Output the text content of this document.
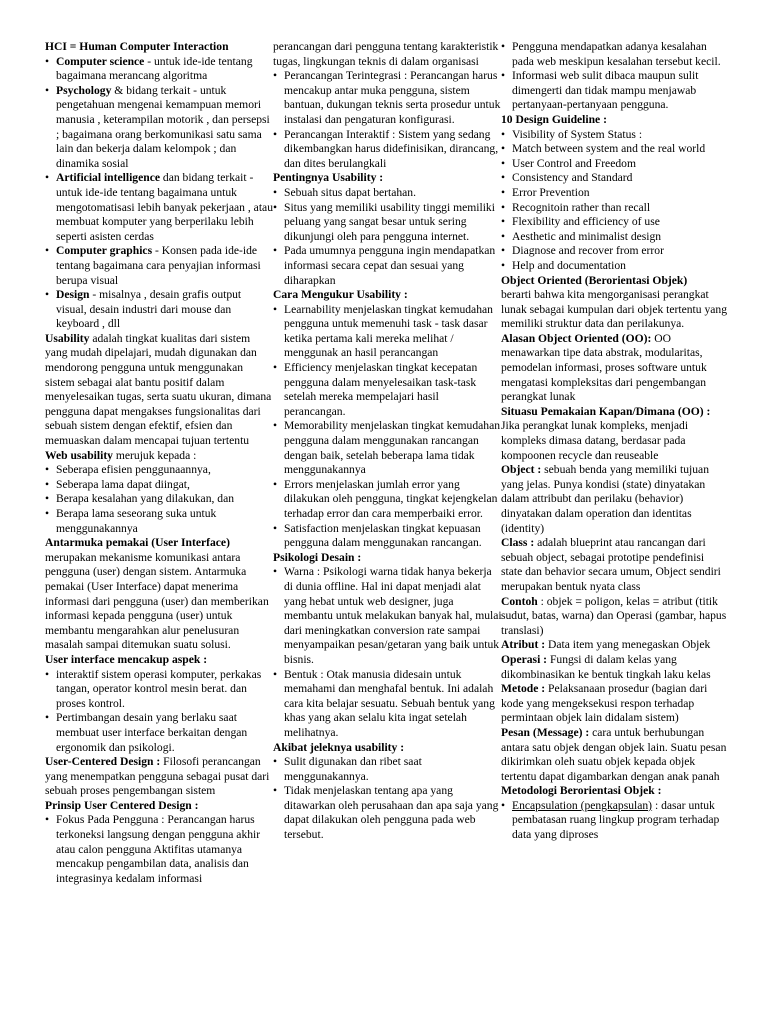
HCI = Human Computer Interaction
• Computer science - untuk ide-ide tentang bagaimana merancang algoritma
• Psychology & bidang terkait - untuk pengetahuan mengenai kemampuan memori manusia , keterampilan motorik , dan persepsi ; bagaimana orang berkomunikasi satu sama lain dan bekerja dalam kelompok ; dan dinamika sosial
• Artificial intelligence dan bidang terkait - untuk ide-ide tentang bagaimana untuk mengotomatisasi lebih banyak pekerjaan , atau membuat komputer yang berperilaku lebih seperti asisten cerdas
• Computer graphics - Konsen pada ide-ide tentang bagaimana cara penyajian informasi berupa visual
• Design - misalnya , desain grafis output visual, desain industri dari mouse dan keyboard , dll
Usability adalah tingkat kualitas dari sistem yang mudah dipelajari, mudah digunakan dan mendorong pengguna untuk menggunakan sistem sebagai alat bantu positif dalam menyelesaikan tugas, serta suatu ukuran, dimana pengguna dapat mengakses fungsionalitas dari sebuah sistem dengan efektif, efsien dan memuaskan dalam mencapai tujuan tertentu
Web usability merujuk kepada :
• Seberapa efisien penggunaannya,
• Seberapa lama dapat diingat,
• Berapa kesalahan yang dilakukan, dan
• Berapa lama seseorang suka untuk menggunakannya
Antarmuka pemakai (User Interface) merupakan mekanisme komunikasi antara pengguna (user) dengan sistem. Antarmuka pemakai (User Interface) dapat menerima informasi dari pengguna (user) dan memberikan informasi kepada pengguna (user) untuk membantu mengarahkan alur penelusuran masalah sampai ditemukan suatu solusi.
User interface mencakup aspek :
• interaktif sistem operasi komputer, perkakas tangan, operator kontrol mesin berat. dan proses kontrol.
• Pertimbangan desain yang berlaku saat membuat user interface berkaitan dengan ergonomik dan psikologi.
User-Centered Design : Filosofi perancangan yang menempatkan pengguna sebagai pusat dari sebuah proses pengembangan sistem
Prinsip User Centered Design :
• Fokus Pada Pengguna : Perancangan harus terkoneksi langsung dengan pengguna akhir atau calon pengguna Aktifitas utamanya mencakup pengambilan data, analisis dan integrasinya kedalam informasi
perancangan dari pengguna tentang karakteristik tugas, lingkungan teknis di dalam organisasi
• Perancangan Terintegrasi : Perancangan harus mencakup antar muka pengguna, sistem bantuan, dukungan teknis serta prosedur untuk instalasi dan pengaturan konfigurasi.
• Perancangan Interaktif : Sistem yang sedang dikembangkan harus didefinisikan, dirancang, dan dites berulangkali
Pentingnya Usability :
• Sebuah situs dapat bertahan.
• Situs yang memiliki usability tinggi memiliki peluang yang sangat besar untuk sering dikunjungi oleh para pengguna internet.
• Pada umumnya pengguna ingin mendapatkan informasi secara cepat dan sesuai yang diharapkan
Cara Mengukur Usability :
• Learnability menjelaskan tingkat kemudahan pengguna untuk memenuhi task - task dasar ketika pertama kali mereka melihat / menggunak an hasil perancangan
• Efficiency menjelaskan tingkat kecepatan pengguna dalam menyelesaikan task-task setelah mereka mempelajari hasil perancangan.
• Memorability menjelaskan tingkat kemudahan pengguna dalam menggunakan rancangan dengan baik, setelah beberapa lama tidak menggunakannya
• Errors menjelaskan jumlah error yang dilakukan oleh pengguna, tingkat kejengkelan terhadap error dan cara memperbaiki error.
• Satisfaction menjelaskan tingkat kepuasan pengguna dalam menggunakan rancangan.
Psikologi Desain :
• Warna : Psikologi warna tidak hanya bekerja di dunia offline. Hal ini dapat menjadi alat yang hebat untuk web designer, juga membantu untuk melakukan banyak hal, mulai dari meningkatkan conversion rate sampai menyampaikan pesan/getaran yang baik untuk bisnis.
• Bentuk : Otak manusia didesain untuk memahami dan menghafal bentuk. Ini adalah cara kita belajar sesuatu. Sebuah bentuk yang khas yang akan selalu kita ingat setelah melihatnya.
Akibat jeleknya usability :
• Sulit digunakan dan ribet saat menggunakannya.
• Tidak menjelaskan tentang apa yang ditawarkan oleh perusahaan dan apa saja yang dapat dilakukan oleh pengguna pada web tersebut.
• Pengguna mendapatkan adanya kesalahan pada web meskipun kesalahan tersebut kecil.
• Informasi web sulit dibaca maupun sulit dimengerti dan tidak mampu menjawab pertanyaan-pertanyaan pengguna.
10 Design Guideline :
• Visibility of System Status :
• Match between system and the real world
• User Control and Freedom
• Consistency and Standard
• Error Prevention
• Recognitoin rather than recall
• Flexibility and efficiency of use
• Aesthetic and minimalist design
• Diagnose and recover from error
• Help and documentation
Object Oriented (Berorientasi Objek)
berarti bahwa kita mengorganisasi perangkat lunak sebagai kumpulan dari objek tertentu yang memiliki struktur data dan perilakunya.
Alasan Object Oriented (OO): OO menawarkan tipe data abstrak, modularitas, pemodelan informasi, proses software untuk mengatasi kompleksitas dari pengembangan perangkat lunak
Situasu Pemakaian Kapan/Dimana (OO) : Jika perangkat lunak kompleks, menjadi kompleks dimasa datang, berdasar pada kompoonen recycle dan reuseable
Object : sebuah benda yang memiliki tujuan yang jelas. Punya kondisi (state) dinyatakan dalam attribubt dan perilaku (behavior) dinyatakan dalam operation dan identitas (identity)
Class : adalah blueprint atau rancangan dari sebuah object, sebagai prototipe pendefinisi state dan behavior secara umum, Object sendiri merupakan bentuk nyata class
Contoh : objek = poligon, kelas = atribut (titik sudut, batas, warna) dan Operasi (gambar, hapus translasi)
Atribut : Data item yang menegaskan Objek
Operasi : Fungsi di dalam kelas yang dikombinasikan ke bentuk tingkah laku kelas
Metode : Pelaksanaan prosedur (bagian dari kode yang mengeksekusi respon terhadap permintaan objek lain didalam sistem)
Pesan (Message) : cara untuk berhubungan antara satu objek dengan objek lain. Suatu pesan dikirimkan oleh suatu objek kepada objek tertentu dapat digambarkan dengan anak panah
Metodologi Berorientasi Objek :
• Encapsulation (pengkapsulan) : dasar untuk pembatasan ruang lingkup program terhadap data yang diproses
